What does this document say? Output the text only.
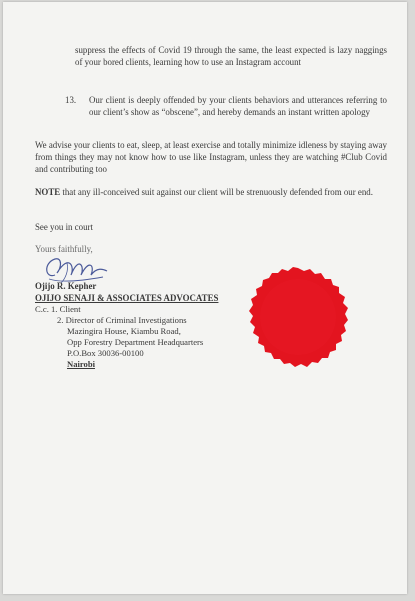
suppress the effects of Covid 19 through the same, the least expected is lazy naggings of your bored clients, learning how to use an Instagram account

13. Our client is deeply offended by your clients behaviors and utterances referring to our client’s show as “obscene”, and hereby demands an instant written apology

We advise your clients to eat, sleep, at least exercise and totally minimize idleness by staying away from things they may not know how to use like Instagram, unless they are watching #Club Covid and contributing too

NOTE that any ill-conceived suit against our client will be strenuously defended from our end.

See you in court

Yours faithfully,

Ojijo R. Kepher

OJIJO SENAJI & ASSOCIATES ADVOCATES

C.c. 1. Client

2. Director of Criminal Investigations

Mazingira House, Kiambu Road,

Opp Forestry Department Headquarters

P.O.Box 30036-00100

Nairobi
